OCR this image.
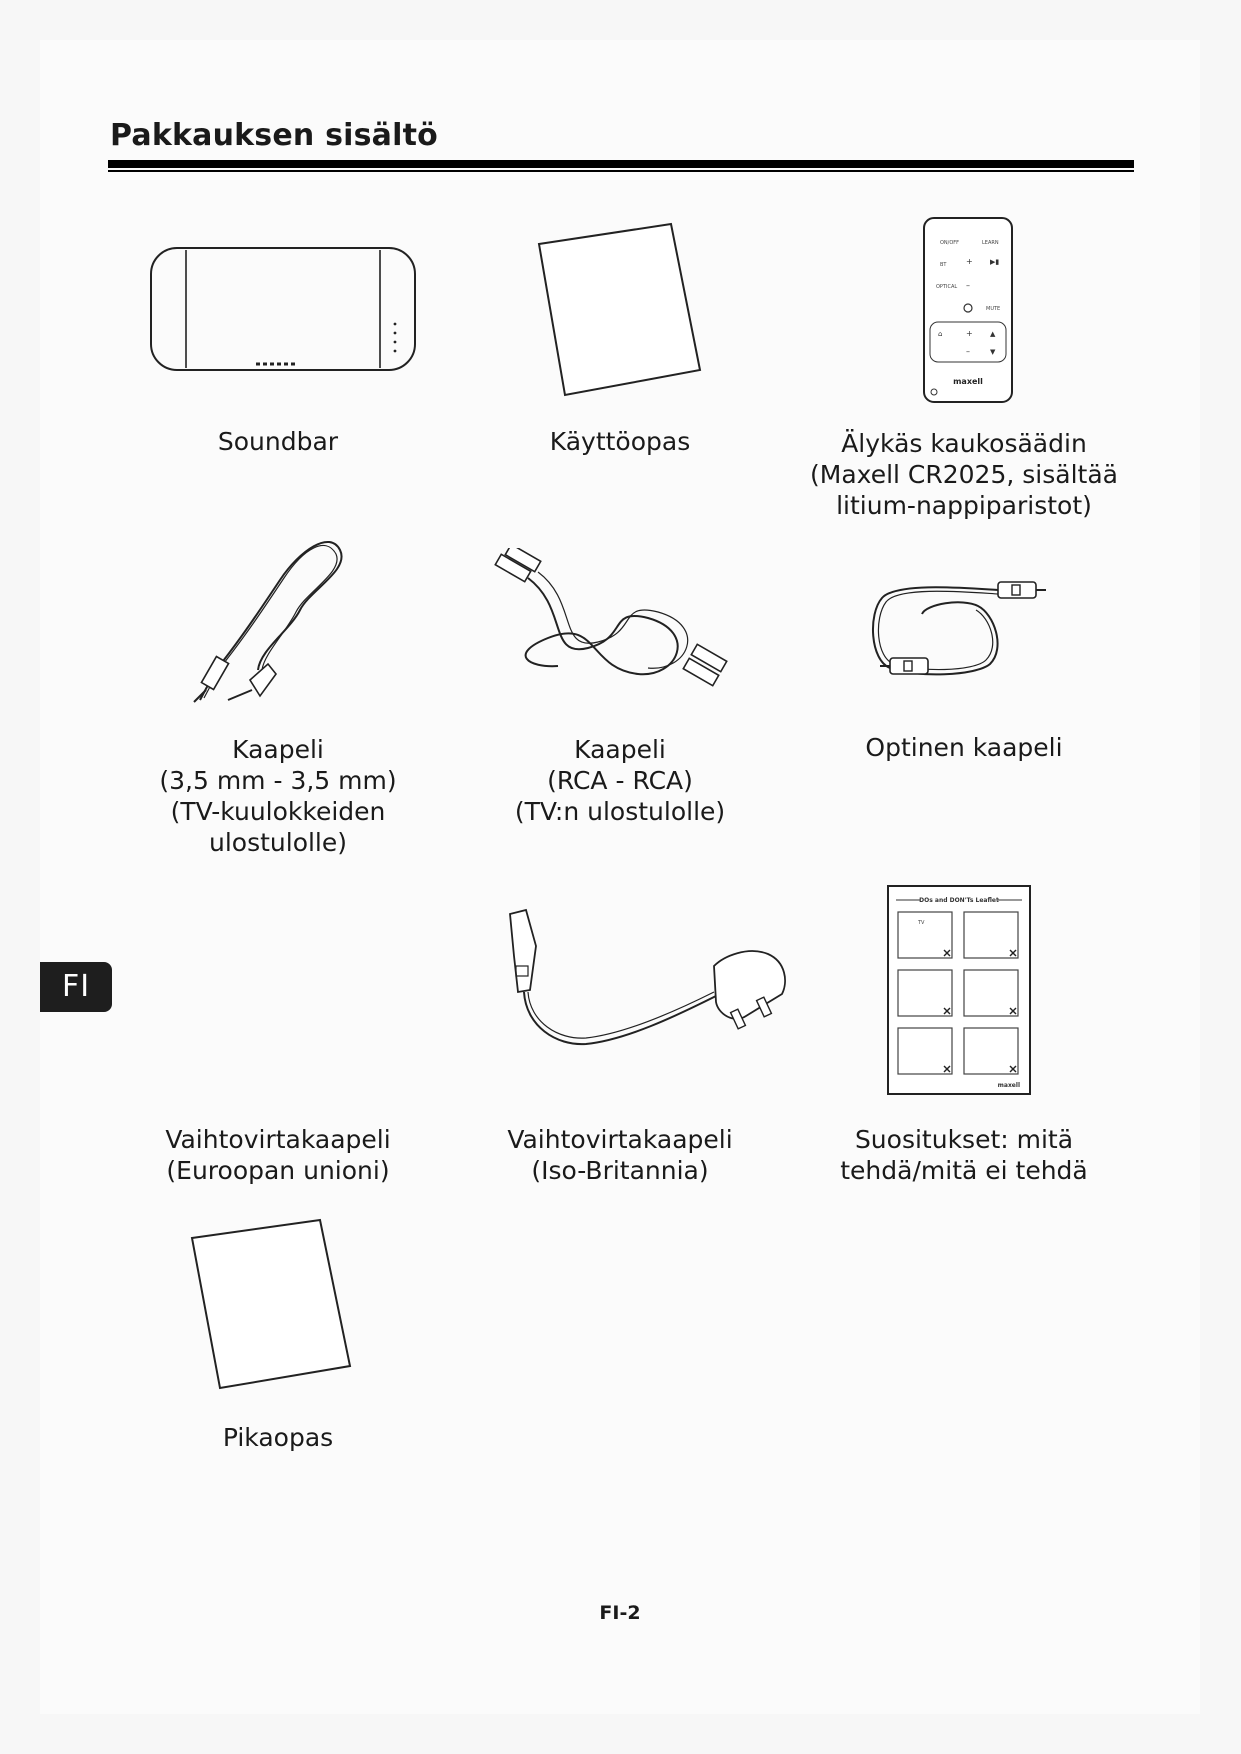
Pakkauksen sisältö
ON/OFF	LEARN
BT
OPTICAL
MUTE
+ ▶▮
–
⌂	+ ▲
–	▼
maxell
Soundbar	Käyttöopas	Älykäs kaukosäädin
(Maxell CR2025, sisältää
litium-nappiparistot)
Kaapeli
(3,5 mm - 3,5 mm)
(TV-kuulokkeiden
ulostulolle)
Kaapeli
(RCA - RCA)
(TV:n ulostulolle)
Optinen kaapeli
FI
DOs and DON'Ts Leaflet
TV
maxell
Vaihtovirtakaapeli
(Euroopan unioni)
Vaihtovirtakaapeli
(Iso-Britannia)
Suositukset: mitä
tehdä/mitä ei tehdä
Pikaopas
FI-2
